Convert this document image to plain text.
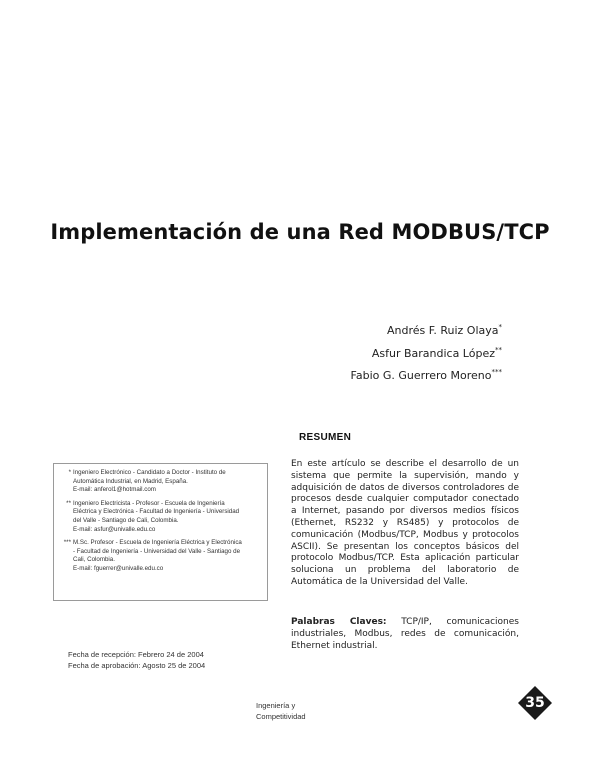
Implementación de una Red MODBUS/TCP
Andrés F. Ruiz Olaya*
Asfur Barandica López**
Fabio G. Guerrero Moreno***
RESUMEN

En este artículo se describe el desarrollo de un sistema que permite la supervisión, mando y adquisición de datos de diversos controladores de procesos desde cualquier computador conectado a Internet, pasando por diversos medios físicos (Ethernet, RS232 y RS485) y protocolos de comunicación (Modbus/TCP, Modbus y protocolos ASCII). Se presentan los conceptos básicos del protocolo Modbus/TCP. Esta aplicación particular soluciona un problema del laboratorio de Automática de la Universidad del Valle.

Palabras Claves: TCP/IP, comunicaciones industriales, Modbus, redes de comunicación, Ethernet industrial.

* Ingeniero Electrónico - Candidato a Doctor - Instituto de
Automática Industrial, en Madrid, España.
E-mail: anferol1@hotmail.com
** Ingeniero Electricista - Profesor - Escuela de Ingeniería
Eléctrica y Electrónica - Facultad de Ingeniería - Universidad
del Valle - Santiago de Cali, Colombia.
E-mail: asfur@univalle.edu.co
*** M.Sc. Profesor - Escuela de Ingeniería Eléctrica y Electrónica
- Facultad de Ingeniería - Universidad del Valle - Santiago de
Cali, Colombia.
E-mail: fguerrer@univalle.edu.co
Fecha de recepción: Febrero 24 de 2004
Fecha de aprobación: Agosto 25 de 2004
Ingeniería y
Competitividad
35
